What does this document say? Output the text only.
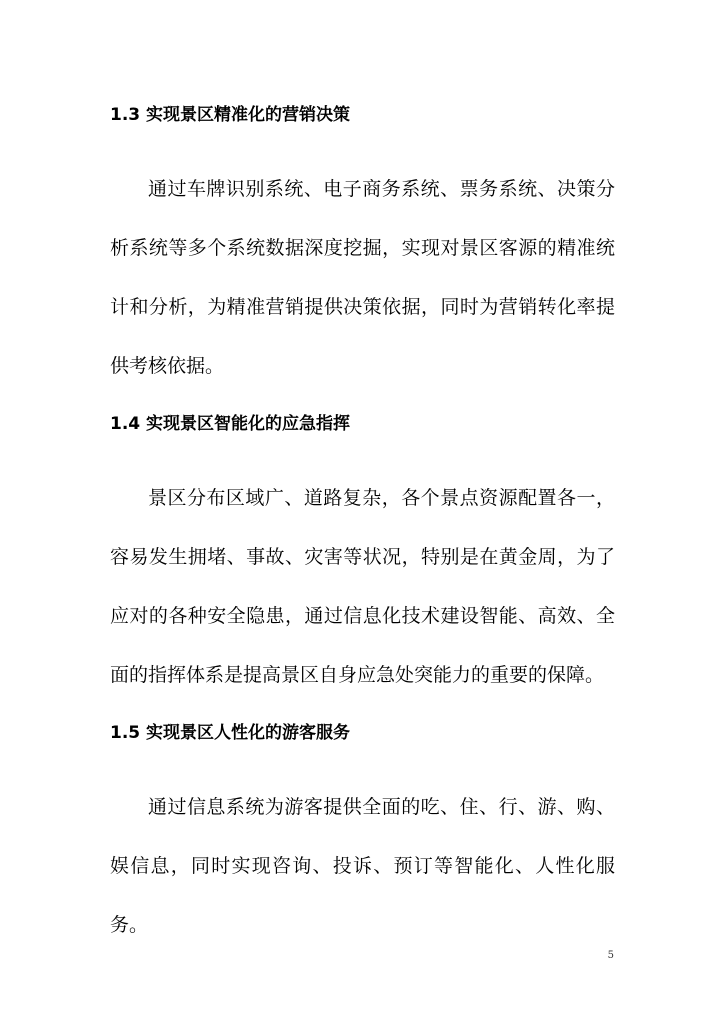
1.3 实现景区精准化的营销决策

通过车牌识别系统、电子商务系统、票务系统、决策分析系统等多个系统数据深度挖掘，实现对景区客源的精准统计和分析，为精准营销提供决策依据，同时为营销转化率提供考核依据。

1.4 实现景区智能化的应急指挥

景区分布区域广、道路复杂，各个景点资源配置各一，容易发生拥堵、事故、灾害等状况，特别是在黄金周，为了应对的各种安全隐患，通过信息化技术建设智能、高效、全面的指挥体系是提高景区自身应急处突能力的重要的保障。

1.5 实现景区人性化的游客服务

通过信息系统为游客提供全面的吃、住、行、游、购、娱信息，同时实现咨询、投诉、预订等智能化、人性化服务。

5
